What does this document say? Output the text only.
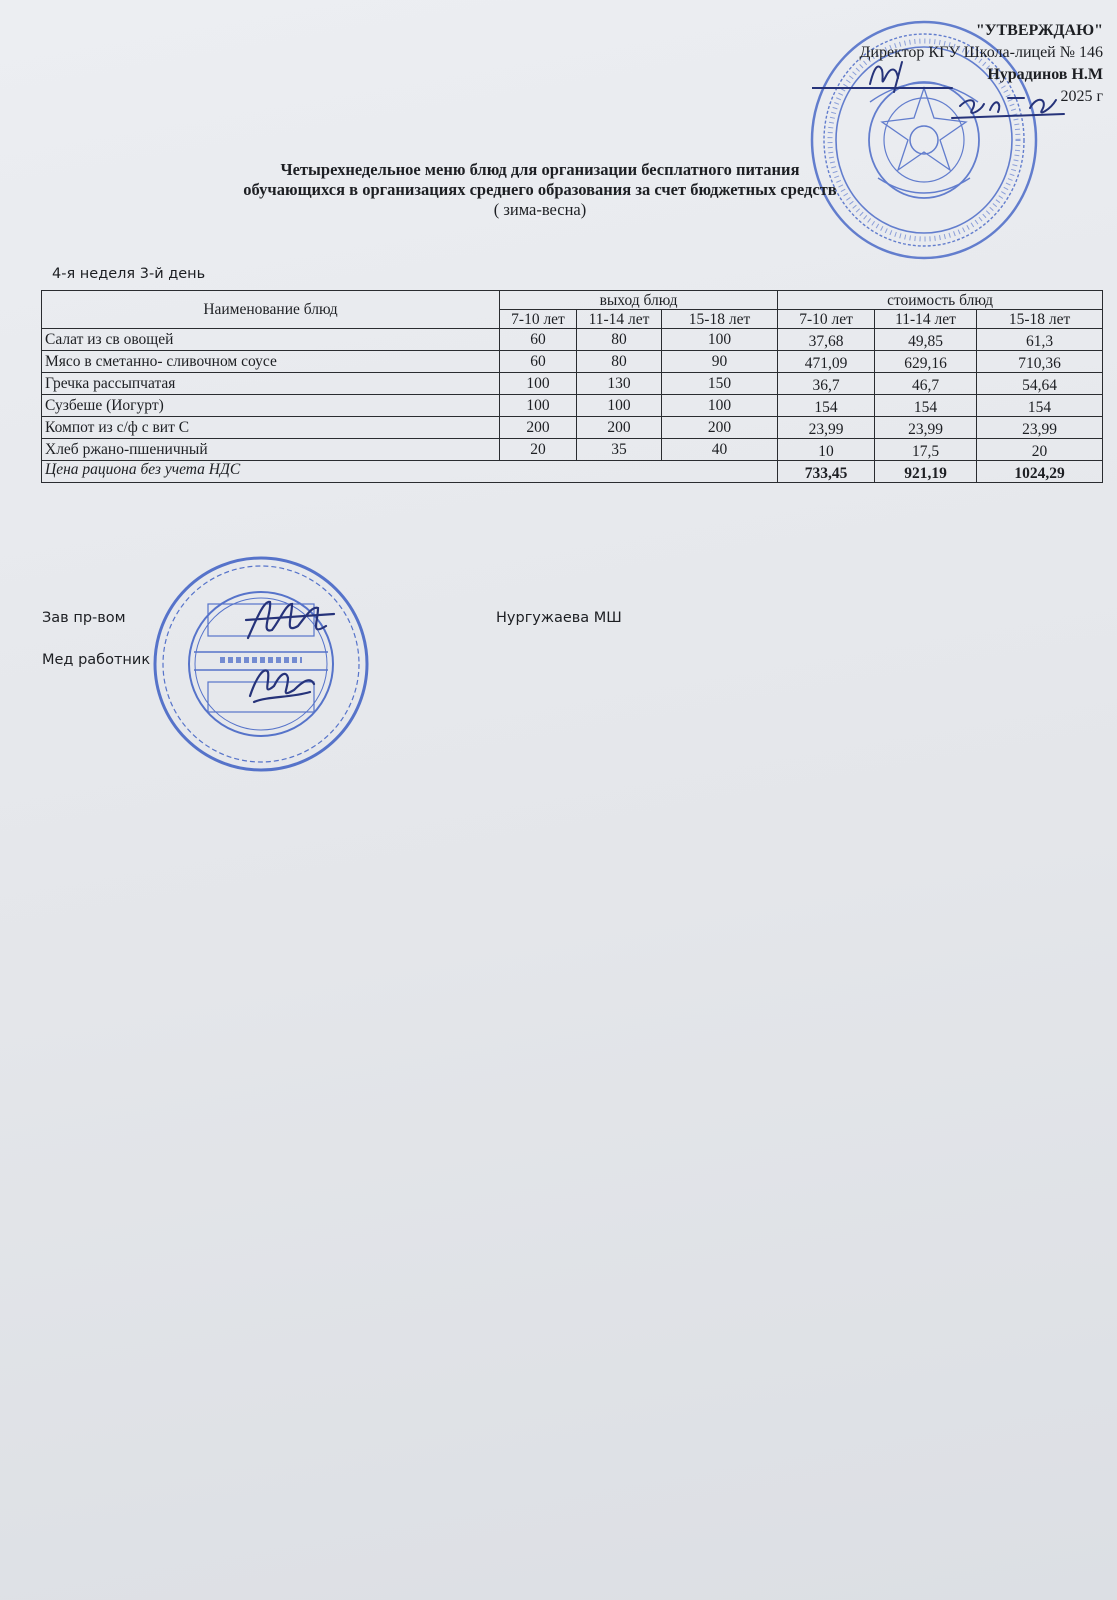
"УТВЕРЖДАЮ"
Директор КГУ Школа-лицей № 146
Нурадинов Н.М
2025 г
Четырехнедельное меню блюд для организации бесплатного питания
обучающихся в организациях среднего образования за счет бюджетных средств
( зима-весна)
4-я неделя 3-й день
Наименование блюд	выход блюд			стоимость блюд		
	7-10 лет	11-14 лет	15-18 лет	7-10 лет	11-14 лет	15-18 лет
Салат из св овощей	60	80	100	37,68	49,85	61,3
Мясо в сметанно- сливочном соусе	60	80	90	471,09	629,16	710,36
Гречка рассыпчатая	100	130	150	36,7	46,7	54,64
Сузбеше (Иогурт)	100	100	100	154	154	154
Компот из с/ф с вит С	200	200	200	23,99	23,99	23,99
Хлеб ржано-пшеничный	20	35	40	10	17,5	20
Цена рациона без учета НДС				733,45	921,19	1024,29
Зав пр-вом	Нургужаева МШ
Мед работник
